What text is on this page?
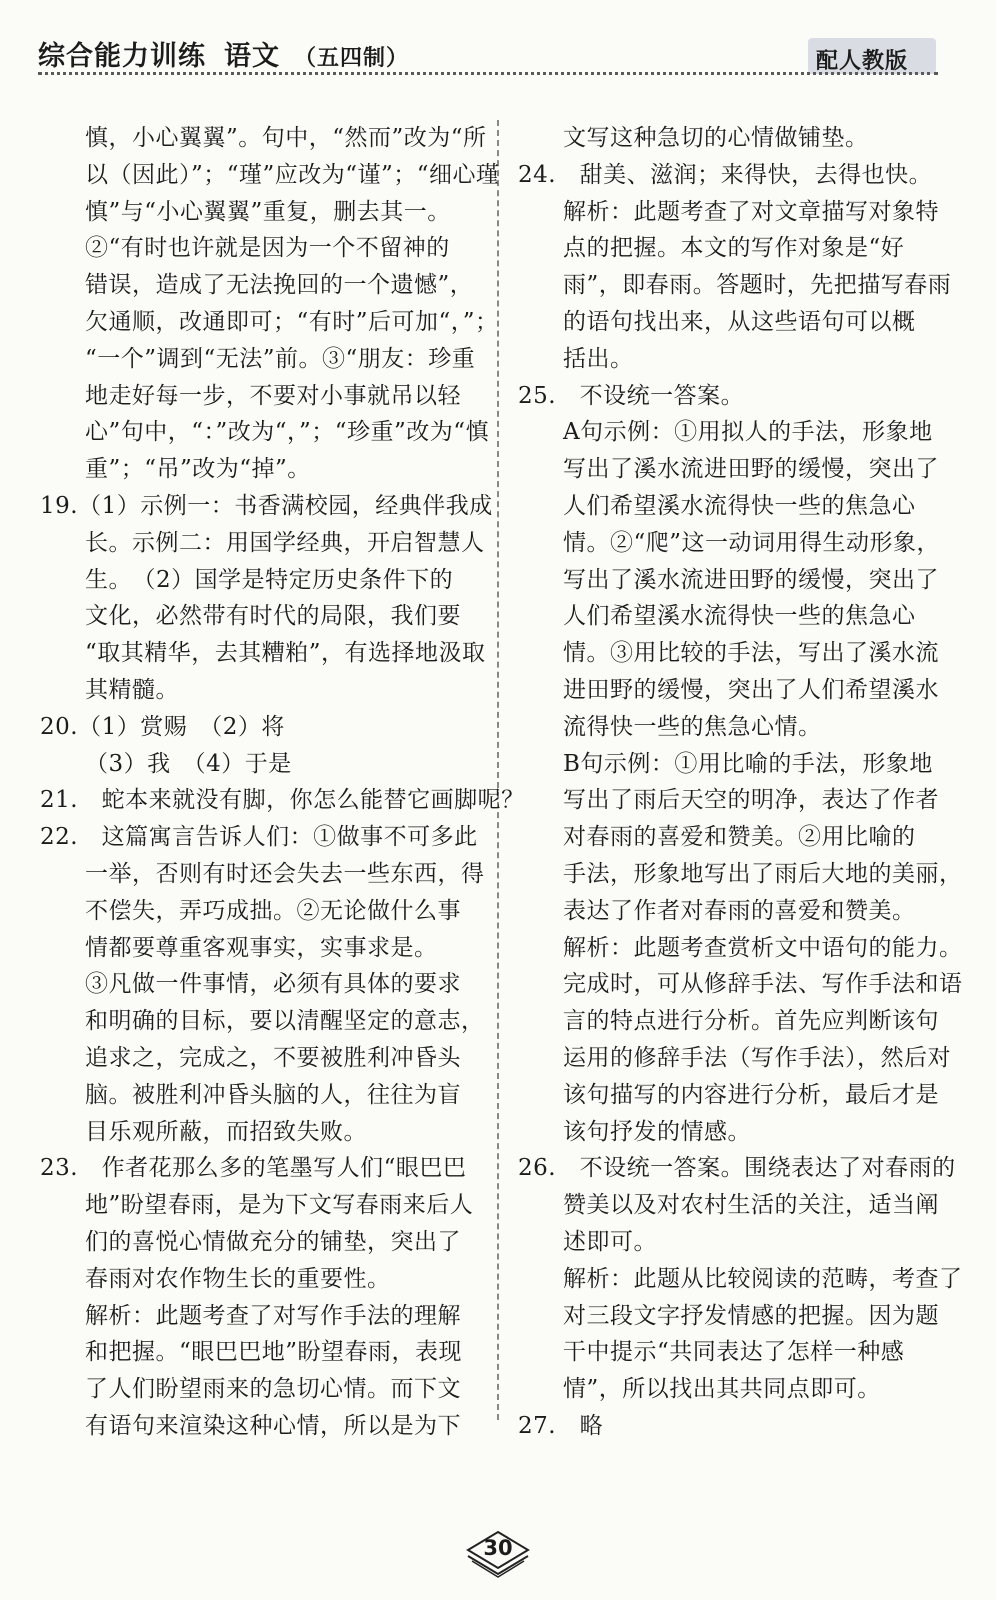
综合能力训练 语文 （五四制）	配人教版
慎，小心翼翼”。句中，“然而”改为“所
以（因此）”；“瑾”应改为“谨”；“细心瑾
慎”与“小心翼翼”重复，删去其一。
②“有时也许就是因为一个不留神的
错误，造成了无法挽回的一个遗憾”，
欠通顺，改通即可；“有时”后可加“，”；
“一个”调到“无法”前。③“朋友：珍重
地走好每一步，不要对小事就吊以轻
心”句中，“：”改为“，”；“珍重”改为“慎
重”；“吊”改为“掉”。
19.（1）示例一：书香满校园，经典伴我成
长。示例二：用国学经典，开启智慧人
生。　（2）国学是特定历史条件下的
文化，必然带有时代的局限，我们要
“取其精华，去其糟粕”，有选择地汲取
其精髓。
20.（1）赏赐　（2）将
（3）我　（4）于是
21.　蛇本来就没有脚，你怎么能替它画脚呢？
22.　这篇寓言告诉人们：①做事不可多此
一举，否则有时还会失去一些东西，得
不偿失，弄巧成拙。②无论做什么事
情都要尊重客观事实，实事求是。
③凡做一件事情，必须有具体的要求
和明确的目标，要以清醒坚定的意志，
追求之，完成之，不要被胜利冲昏头
脑。被胜利冲昏头脑的人，往往为盲
目乐观所蔽，而招致失败。
23.　作者花那么多的笔墨写人们“眼巴巴
地”盼望春雨，是为下文写春雨来后人
们的喜悦心情做充分的铺垫，突出了
春雨对农作物生长的重要性。
解析：此题考查了对写作手法的理解
和把握。“眼巴巴地”盼望春雨，表现
了人们盼望雨来的急切心情。而下文
有语句来渲染这种心情，所以是为下
文写这种急切的心情做铺垫。
24.　甜美、滋润；来得快，去得也快。
解析：此题考查了对文章描写对象特
点的把握。本文的写作对象是“好
雨”，即春雨。答题时，先把描写春雨
的语句找出来，从这些语句可以概
括出。
25.　不设统一答案。
A句示例：①用拟人的手法，形象地
写出了溪水流进田野的缓慢，突出了
人们希望溪水流得快一些的焦急心
情。②“爬”这一动词用得生动形象，
写出了溪水流进田野的缓慢，突出了
人们希望溪水流得快一些的焦急心
情。③用比较的手法，写出了溪水流
进田野的缓慢，突出了人们希望溪水
流得快一些的焦急心情。
B句示例：①用比喻的手法，形象地
写出了雨后天空的明净，表达了作者
对春雨的喜爱和赞美。②用比喻的
手法，形象地写出了雨后大地的美丽，
表达了作者对春雨的喜爱和赞美。
解析：此题考查赏析文中语句的能力。
完成时，可从修辞手法、写作手法和语
言的特点进行分析。首先应判断该句
运用的修辞手法（写作手法），然后对
该句描写的内容进行分析，最后才是
该句抒发的情感。
26.　不设统一答案。围绕表达了对春雨的
赞美以及对农村生活的关注，适当阐
述即可。
解析：此题从比较阅读的范畴，考查了
对三段文字抒发情感的把握。因为题
干中提示“共同表达了怎样一种感
情”，所以找出其共同点即可。
27.　略
30
